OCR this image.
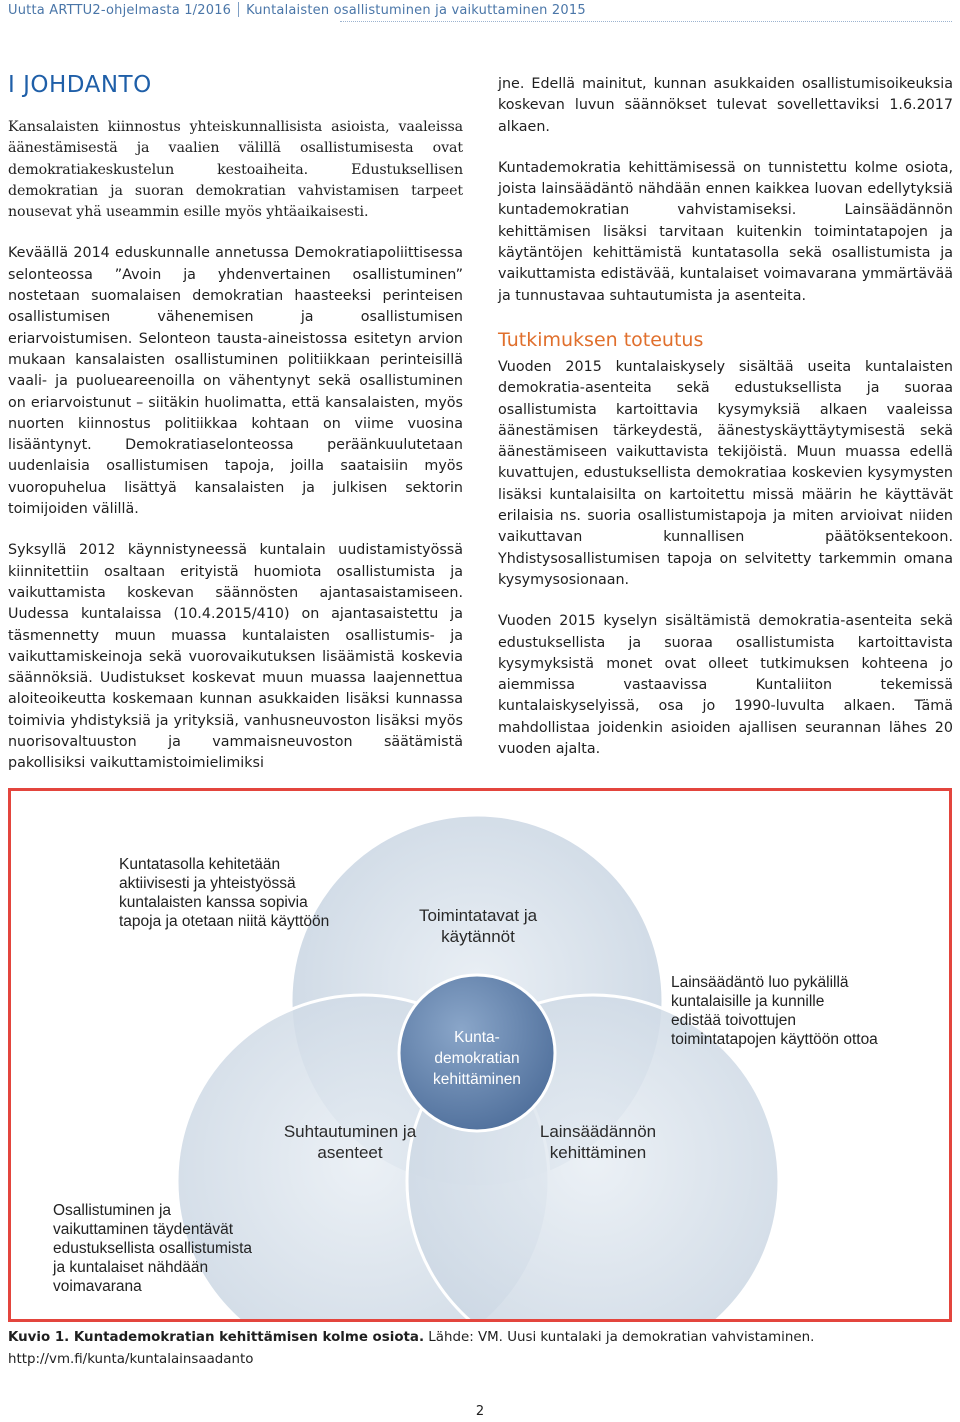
Uutta ARTTU2-ohjelmasta 1/2016 Kuntalaisten osallistuminen ja vaikuttaminen 2015
I JOHDANTO

Kansalaisten kiinnostus yhteiskunnallisista asioista, vaaleissa äänestämisestä ja vaalien välillä osallistumisesta ovat demokratiakeskustelun kestoaiheita. Edustuksellisen demokratian ja suoran demokratian vahvistamisen tarpeet nousevat yhä useammin esille myös yhtäaikaisesti.

Keväällä 2014 eduskunnalle annetussa Demokratiapoliittisessa selonteossa ”Avoin ja yhdenvertainen osallistuminen” nostetaan suomalaisen demokratian haasteeksi perinteisen osallistumisen vähenemisen ja osallistumisen eriarvoistumisen. Selonteon tausta-aineistossa esitetyn arvion mukaan kansalaisten osallistuminen politiikkaan perinteisillä vaali- ja puolueareenoilla on vähentynyt sekä osallistuminen on eriarvoistunut – siitäkin huolimatta, että kansalaisten, myös nuorten kiinnostus politiikkaa kohtaan on viime vuosina lisääntynyt. Demokratiaselonteossa peräänkuulutetaan uudenlaisia osallistumisen tapoja, joilla saataisiin myös vuoropuhelua lisättyä kansalaisten ja julkisen sektorin toimijoiden välillä.

Syksyllä 2012 käynnistyneessä kuntalain uudistamistyössä kiinnitettiin osaltaan erityistä huomiota osallistumista ja vaikuttamista koskevan säännösten ajantasaistamiseen. Uudessa kuntalaissa (10.4.2015/410) on ajantasaistettu ja täsmennetty muun muassa kuntalaisten osallistumis- ja vaikuttamiskeinoja sekä vuorovaikutuksen lisäämistä koskevia säännöksiä. Uudistukset koskevat muun muassa laajennettua aloiteoikeutta koskemaan kunnan asukkaiden lisäksi kunnassa toimivia yhdistyksiä ja yrityksiä, vanhusneuvoston lisäksi myös nuorisovaltuuston ja vammaisneuvoston säätämistä pakollisiksi vaikuttamistoimielimiksi

jne. Edellä mainitut, kunnan asukkaiden osallistumisoikeuksia koskevan luvun säännökset tulevat sovellettaviksi 1.6.2017 alkaen.

Kuntademokratia kehittämisessä on tunnistettu kolme osiota, joista lainsäädäntö nähdään ennen kaikkea luovan edellytyksiä kuntademokratian vahvistamiseksi. Lainsäädännön kehittämisen lisäksi tarvitaan kuitenkin toimintatapojen ja käytäntöjen kehittämistä kuntatasolla sekä osallistumista ja vaikuttamista edistävää, kuntalaiset voimavarana ymmärtävää ja tunnustavaa suhtautumista ja asenteita.

Tutkimuksen toteutus

Vuoden 2015 kuntalaiskysely sisältää useita kuntalaisten demokratia-asenteita sekä edustuksellista ja suoraa osallistumista kartoittavia kysymyksiä alkaen vaaleissa äänestämisen tärkeydestä, äänestyskäyttäytymisestä sekä äänestämiseen vaikuttavista tekijöistä. Muun muassa edellä kuvattujen, edustuksellista demokratiaa koskevien kysymysten lisäksi kuntalaisilta on kartoitettu missä määrin he käyttävät erilaisia ns. suoria osallistumistapoja ja miten arvioivat niiden vaikuttavan kunnallisen päätöksentekoon. Yhdistysosallistumisen tapoja on selvitetty tarkemmin omana kysymysosionaan.

Vuoden 2015 kyselyn sisältämistä demokratia-asenteita sekä edustuksellista ja suoraa osallistumista kartoittavista kysymyksistä monet ovat olleet tutkimuksen kohteena jo aiemmissa vastaavissa Kuntaliiton tekemissä kuntalaiskyselyissä, osa jo 1990-luvulta alkaen. Tämä mahdollistaa joidenkin asioiden ajallisen seurannan lähes 20 vuoden ajalta.

Kuntatasolla kehitetään
aktiivisesti ja yhteistyössä
kuntalaisten kanssa sopivia
tapoja ja otetaan niitä käyttöön	Toimintatavat ja
käytännöt
Lainsäädäntö luo pykälillä
kuntalaisille ja kunnille
edistää toivottujen
toimintatapojen käyttöön ottoa
Kunta-
demokratian
kehittäminen
Suhtautuminen ja
asenteet
Lainsäädännön
kehittäminen
Osallistuminen ja
vaikuttaminen täydentävät
edustuksellista osallistumista
ja kuntalaiset nähdään
voimavarana
Kuvio 1. Kuntademokratian kehittämisen kolme osiota. Lähde: VM. Uusi kuntalaki ja demokratian vahvistaminen. http://vm.fi/kunta/kuntalainsaadanto
2
